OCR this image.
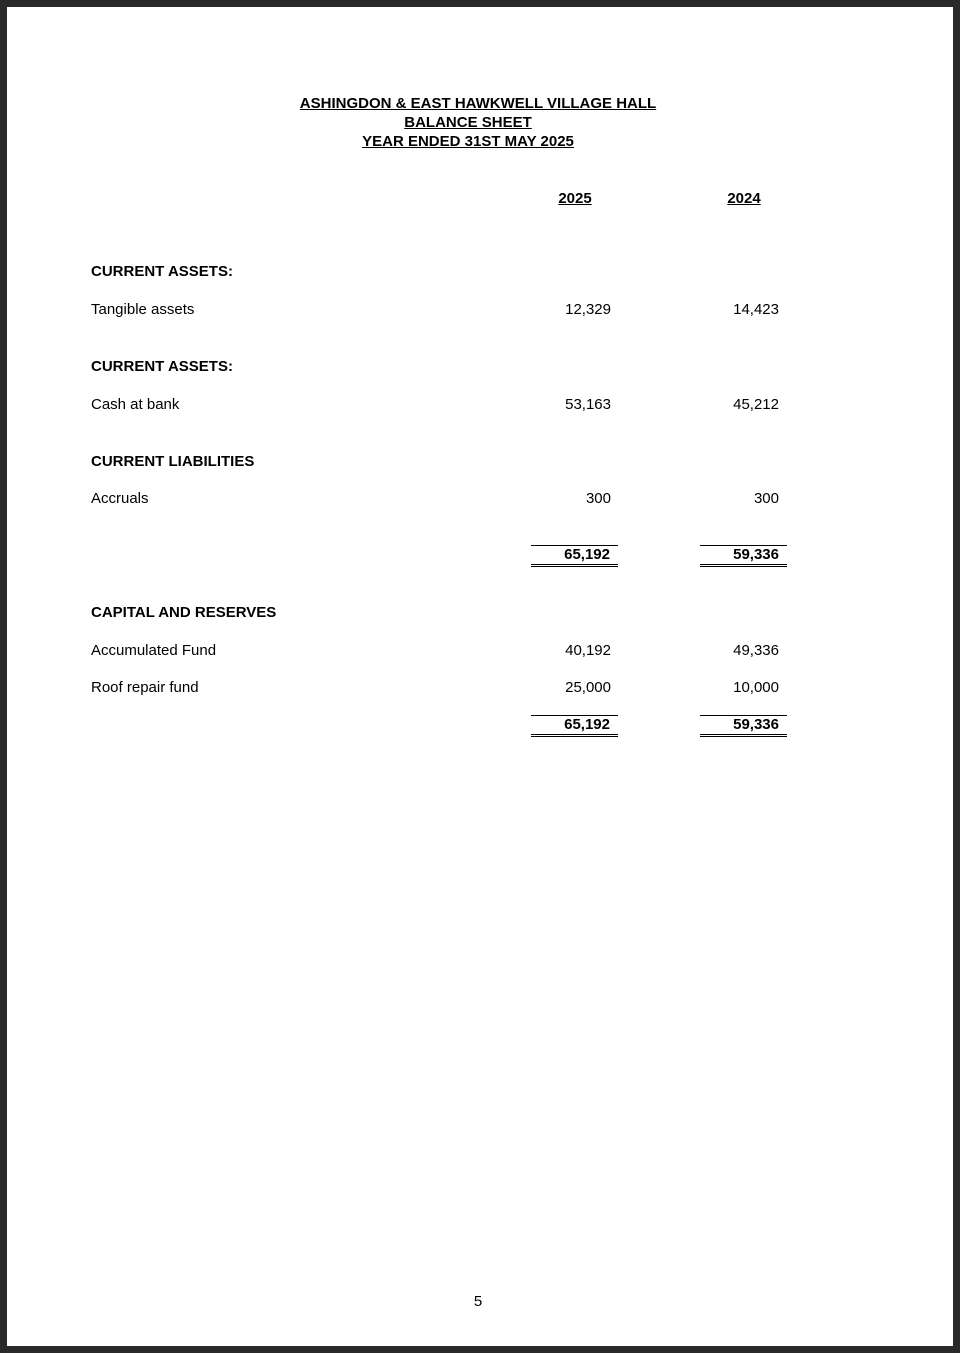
ASHINGDON & EAST HAWKWELL VILLAGE HALL
BALANCE SHEET
YEAR ENDED 31ST MAY 2025
2025	2024
CURRENT ASSETS:
Tangible assets	12,329	14,423
CURRENT ASSETS:
Cash at bank	53,163	45,212
CURRENT LIABILITIES
Accruals	300	300
65,192	59,336
CAPITAL AND RESERVES
Accumulated Fund	40,192	49,336
Roof repair fund	25,000	10,000
65,192	59,336
5
